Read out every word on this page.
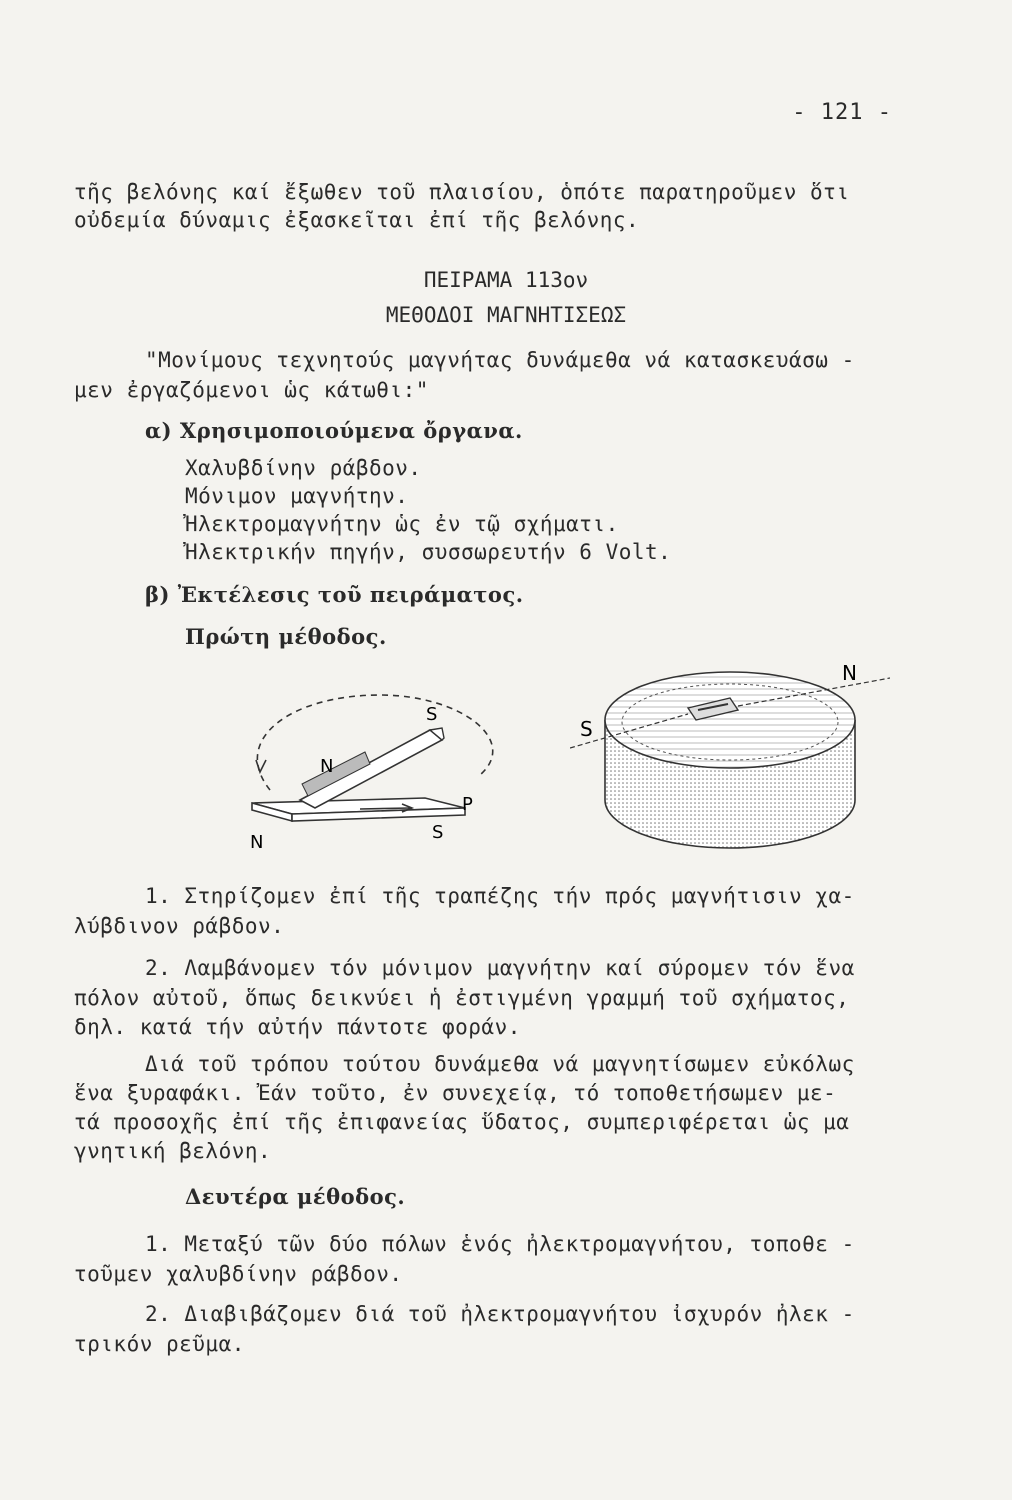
- 121 -
τῆς βελόνης καί ἔξωθεν τοῦ πλαισίου, ὁπότε παρατηροῦμεν ὅτι
οὐδεμία δύναμις ἐξασκεῖται ἐπί τῆς βελόνης.
ΠΕΙΡΑΜΑ 113ον
ΜΕΘΟΔΟΙ ΜΑΓΝΗΤΙΣΕΩΣ
"Μονίμους τεχνητούς μαγνήτας δυνάμεθα νά κατασκευάσω -
μεν ἐργαζόμενοι ὡς κάτωθι:"
α) Χρησιμοποιούμενα ὄργανα.
Χαλυβδίνην ράβδον.
Μόνιμον μαγνήτην.
Ἠλεκτρομαγνήτην ὡς ἐν τῷ σχήματι.
Ἠλεκτρικήν πηγήν, συσσωρευτήν 6 Volt.
β) Ἐκτέλεσις τοῦ πειράματος.
Πρώτη μέθοδος.
S
N
P
S
N
S
N
1. Στηρίζομεν ἐπί τῆς τραπέζης τήν πρός μαγνήτισιν χα-
λύβδινον ράβδον.
2. Λαμβάνομεν τόν μόνιμον μαγνήτην καί σύρομεν τόν ἕνα
πόλον αὐτοῦ, ὅπως δεικνύει ἡ ἐστιγμένη γραμμή τοῦ σχήματος,
δηλ. κατά τήν αὐτήν πάντοτε φοράν.
Διά τοῦ τρόπου τούτου δυνάμεθα νά μαγνητίσωμεν εὐκόλως
ἕνα ξυραφάκι. Ἐάν τοῦτο, ἐν συνεχείᾳ, τό τοποθετήσωμεν με-
τά προσοχῆς ἐπί τῆς ἐπιφανείας ὕδατος, συμπεριφέρεται ὡς μα
γνητική βελόνη.
Δευτέρα μέθοδος.
1. Μεταξύ τῶν δύο πόλων ἑνός ἠλεκτρομαγνήτου, τοποθε -
τοῦμεν χαλυβδίνην ράβδον.
2. Διαβιβάζομεν διά τοῦ ἠλεκτρομαγνήτου ἰσχυρόν ἠλεκ -
τρικόν ρεῦμα.
